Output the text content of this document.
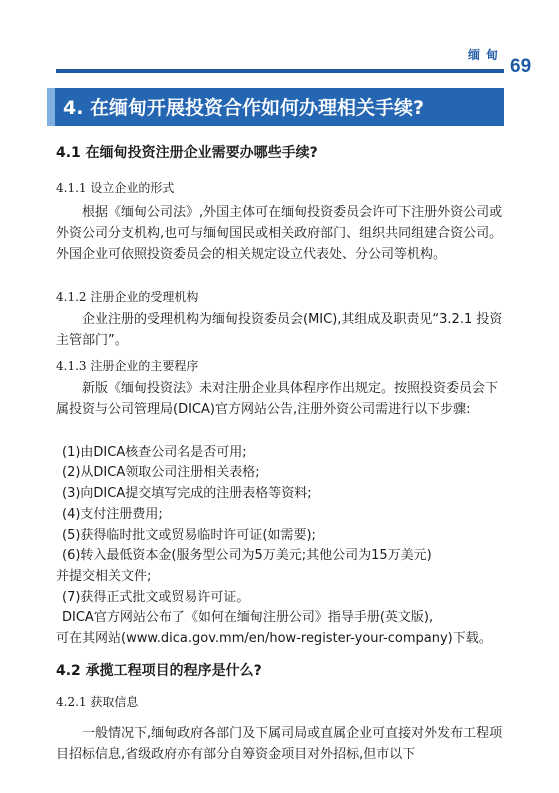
缅甸
69
4. 在缅甸开展投资合作如何办理相关手续?
4.1 在缅甸投资注册企业需要办哪些手续?
4.1.1 设立企业的形式

根据《缅甸公司法》,外国主体可在缅甸投资委员会许可下注册外资公司或外资公司分支机构,也可与缅甸国民或相关政府部门、组织共同组建合资公司。外国企业可依照投资委员会的相关规定设立代表处、分公司等机构。

4.1.2 注册企业的受理机构

企业注册的受理机构为缅甸投资委员会(MIC),其组成及职责见“3.2.1 投资主管部门”。

4.1.3 注册企业的主要程序

新版《缅甸投资法》未对注册企业具体程序作出规定。按照投资委员会下属投资与公司管理局(DICA)官方网站公告,注册外资公司需进行以下步骤:

(1)由DICA核查公司名是否可用;
(2)从DICA领取公司注册相关表格;
(3)向DICA提交填写完成的注册表格等资料;
(4)支付注册费用;
(5)获得临时批文或贸易临时许可证(如需要);
(6)转入最低资本金(服务型公司为5万美元;其他公司为15万美元)
并提交相关文件;
(7)获得正式批文或贸易许可证。
DICA官方网站公布了《如何在缅甸注册公司》指导手册(英文版),
可在其网站(www.dica.gov.mm/en/how-register-your-company)下载。
4.2 承揽工程项目的程序是什么?
4.2.1 获取信息

一般情况下,缅甸政府各部门及下属司局或直属企业可直接对外发布工程项目招标信息,省级政府亦有部分自筹资金项目对外招标,但市以下
